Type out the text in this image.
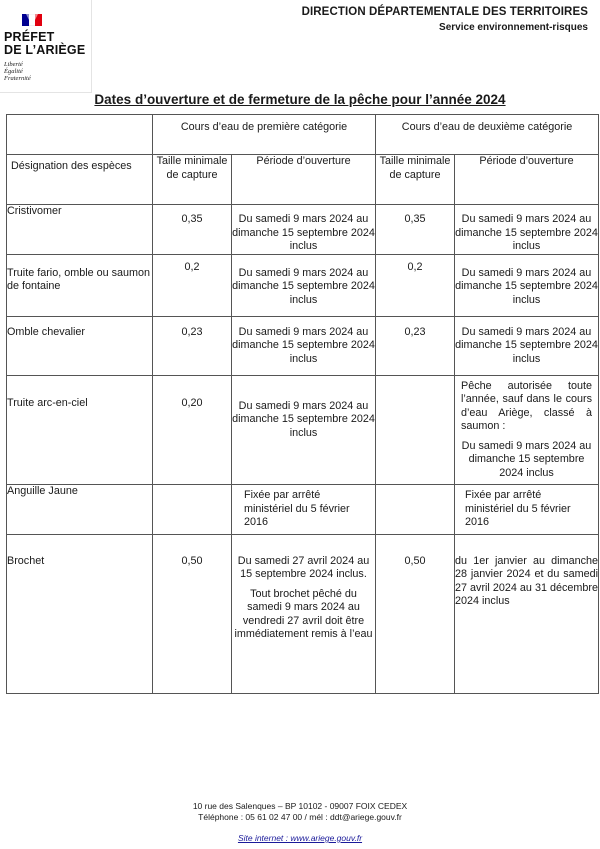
PRÉFET
DE L’ARIÈGE
Liberté
Égalité
Fraternité
DIRECTION DÉPARTEMENTALE DES TERRITOIRES
Service environnement-risques
Dates d’ouverture et de fermeture de la pêche pour l’année 2024
	Cours d’eau de première catégorie		Cours d’eau de deuxième catégorie	
Désignation des espèces	Taille minimale de capture	Période d’ouverture	Taille minimale de capture	Période d’ouverture
Cristivomer	0,35	Du samedi 9 mars 2024 au dimanche 15 septembre 2024 inclus	0,35	Du samedi 9 mars 2024 au dimanche 15 septembre 2024 inclus
Truite fario, omble ou saumon de fontaine	0,2	Du samedi 9 mars 2024 au dimanche 15 septembre 2024 inclus	0,2	Du samedi 9 mars 2024 au dimanche 15 septembre 2024 inclus
Omble chevalier	0,23	Du samedi 9 mars 2024 au dimanche 15 septembre 2024 inclus	0,23	Du samedi 9 mars 2024 au dimanche 15 septembre 2024 inclus
Truite arc-en-ciel	0,20	Du samedi 9 mars 2024 au dimanche 15 septembre 2024 inclus		Pêche autorisée toute l’année, sauf dans le cours d’eau Ariège, classé à saumon :
Du samedi 9 mars 2024 au dimanche 15 septembre 2024 inclus

Anguille Jaune		Fixée par arrêté ministériel du 5 février 2016		Fixée par arrêté ministériel du 5 février 2016
Brochet	0,50	Du samedi 27 avril 2024 au 15 septembre 2024 inclus.
Tout brochet pêché du samedi 9 mars 2024 au vendredi 27 avril doit être immédiatement remis à l’eau	0,50	du 1er janvier au dimanche 28 janvier 2024 et du samedi 27 avril 2024 au 31 décembre 2024 inclus
10 rue des Salenques – BP 10102 - 09007 FOIX CEDEX
Téléphone : 05 61 02 47 00 / mél : ddt@ariege.gouv.fr
Site internet : www.ariege.gouv.fr
